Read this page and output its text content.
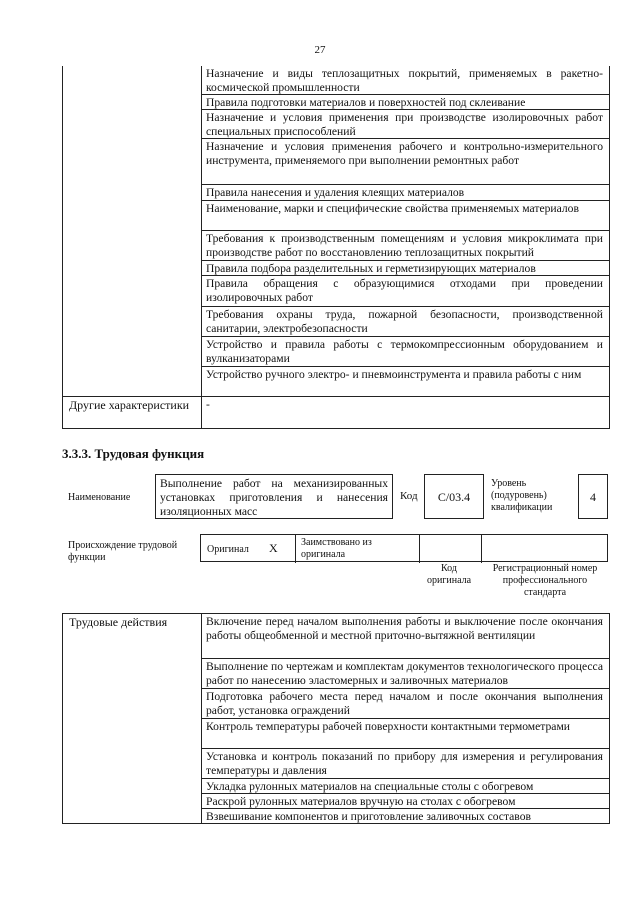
27
Назначение и виды теплозащитных покрытий, применяемых в ракетно-космической промышленности
Правила подготовки материалов и поверхностей под склеивание
Назначение и условия применения при производстве изолировочных работ специальных приспособлений
Назначение и условия применения рабочего и контрольно-измерительного инструмента, применяемого при выполнении ремонтных работ
Правила нанесения и удаления клеящих материалов
Наименование, марки и специфические свойства применяемых материалов
Требования к производственным помещениям и условия микроклимата при производстве работ по восстановлению теплозащитных покрытий
Правила подбора разделительных и герметизирующих материалов
Правила обращения с образующимися отходами при проведении изолировочных работ
Требования охраны труда, пожарной безопасности, производственной санитарии, электробезопасности
Устройство и правила работы с термокомпрессионным оборудованием и вулканизаторами
Устройство ручного электро- и пневмоинструмента и правила работы с ним
Другие характеристики	-
3.3.3. Трудовая функция
Наименование
Выполнение работ на механизированных установках приготовления и нанесения изоляционных масс
Код	C/03.4
Уровень (подуровень) квалификации
4
Происхождение трудовой функции
Оригинал X Заимствовано из оригинала
Код оригинала
Регистрационный номер профессионального стандарта
Трудовые действия	Включение перед началом выполнения работы и выключение после окончания работы общеобменной и местной приточно-вытяжной вентиляции
Выполнение по чертежам и комплектам документов технологического процесса работ по нанесению эластомерных и заливочных материалов
Подготовка рабочего места перед началом и после окончания выполнения работ, установка ограждений
Контроль температуры рабочей поверхности контактными термометрами
Установка и контроль показаний по прибору для измерения и регулирования температуры и давления
Укладка рулонных материалов на специальные столы с обогревом
Раскрой рулонных материалов вручную на столах с обогревом
Взвешивание компонентов и приготовление заливочных составов
